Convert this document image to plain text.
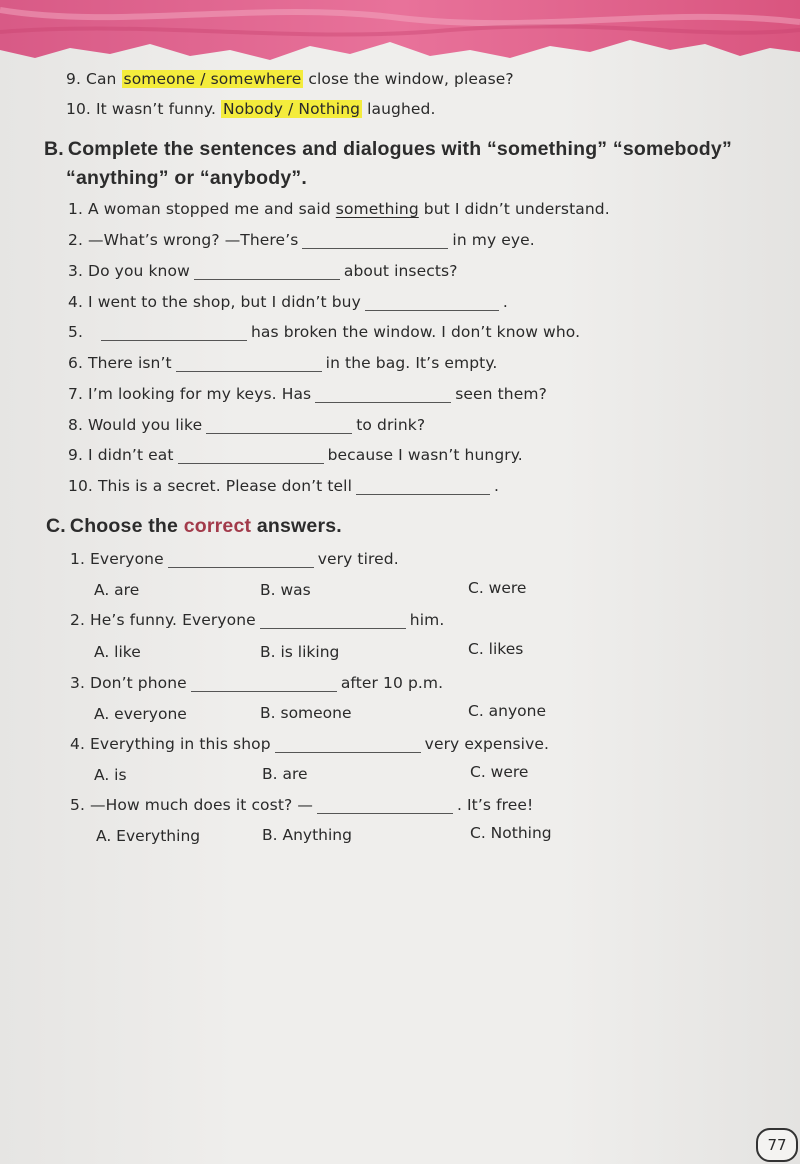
9. Can someone / somewhere close the window, please?
10. It wasn’t funny. Nobody / Nothing laughed.
B. Complete the sentences and dialogues with “something” “somebody”
“anything” or “anybody”.
1. A woman stopped me and said something but I didn’t understand.
2. —What’s wrong? —There’s	in my eye.
3. Do you know	about insects?
4. I went to the shop, but I didn’t buy	.
5.	has broken the window. I don’t know who.
6. There isn’t	in the bag. It’s empty.
7. I’m looking for my keys. Has	seen them?
8. Would you like	to drink?
9. I didn’t eat	because I wasn’t hungry.
10. This is a secret. Please don’t tell	.
C. Choose the correct answers.
1. Everyone	very tired.
A. are	B. was	C. were
2. He’s funny. Everyone	him.
A. like	B. is liking	C. likes
3. Don’t phone	after 10 p.m.
A. everyone	B. someone	C. anyone
4. Everything in this shop	very expensive.
A. is	B. are	C. were
5. —How much does it cost? —	. It’s free!
A. Everything	B. Anything	C. Nothing
77
